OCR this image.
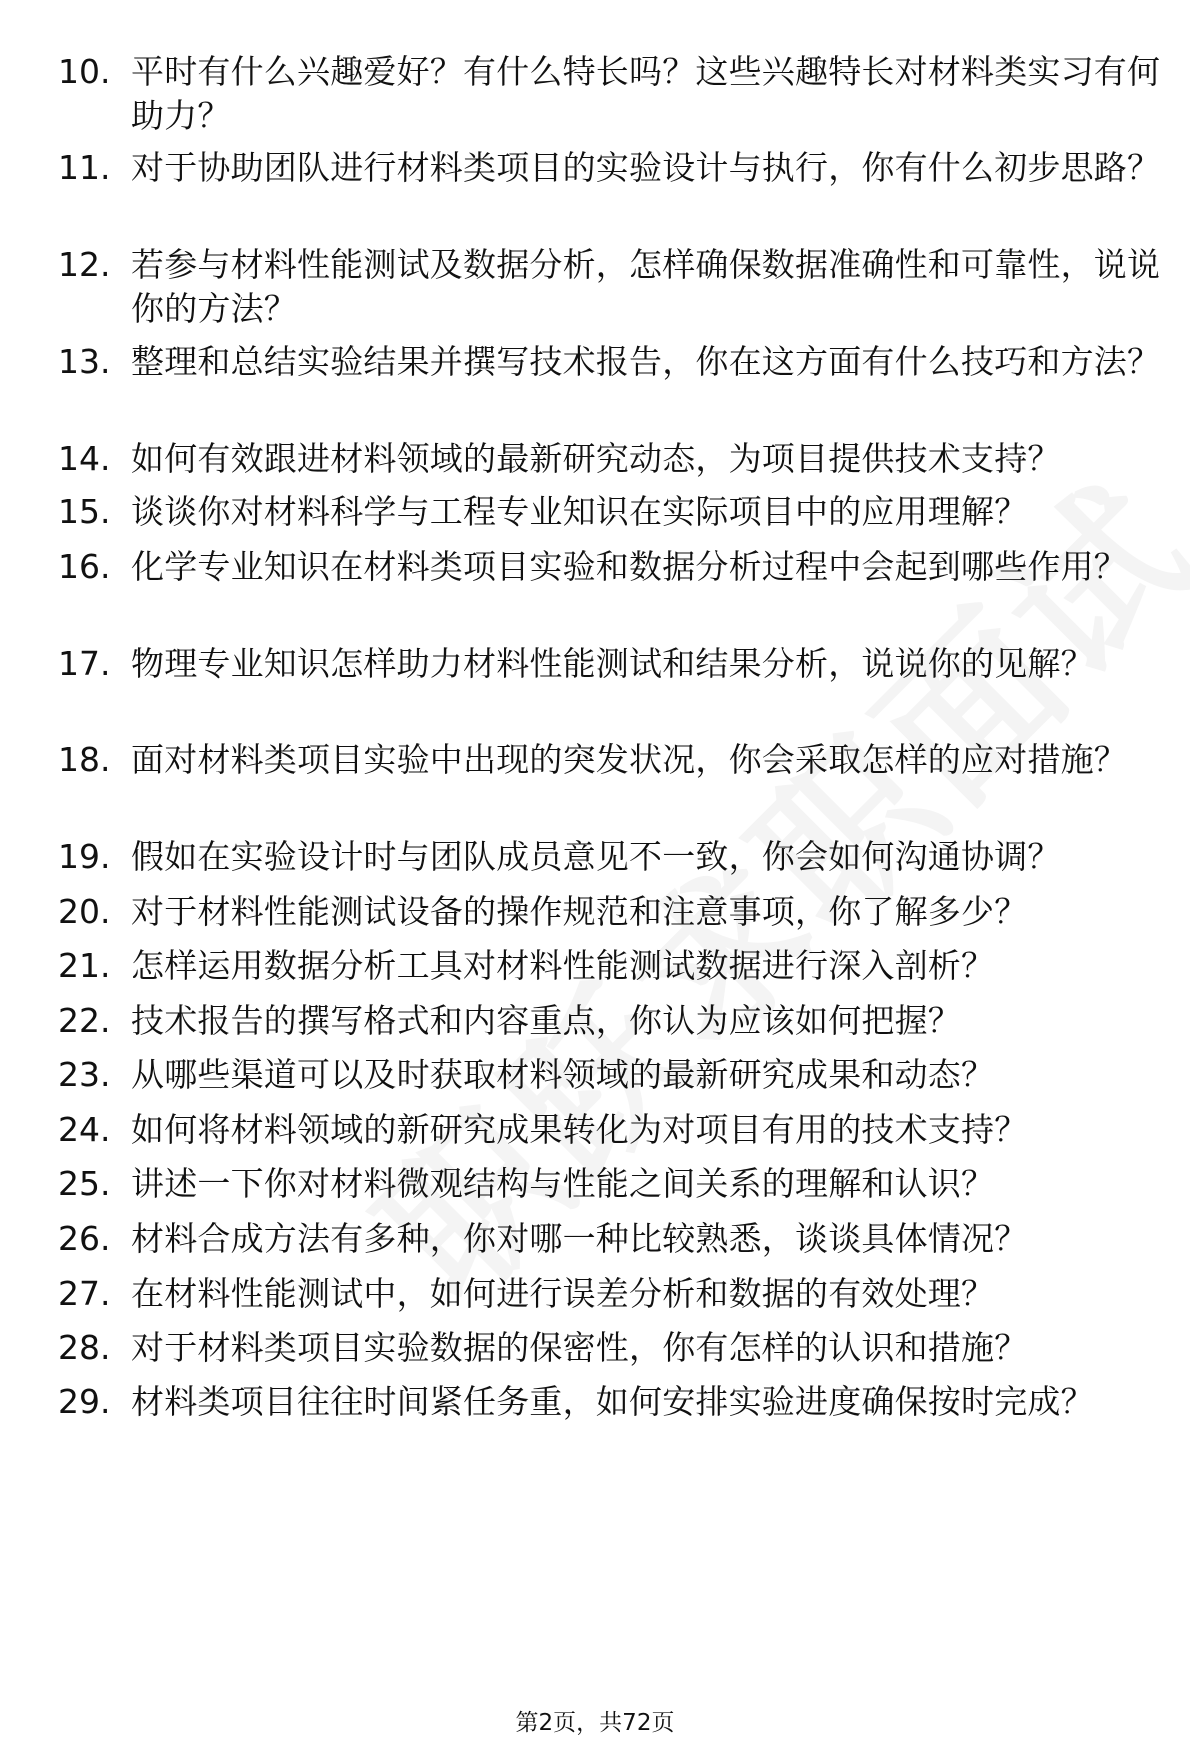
10. 平时有什么兴趣爱好？有什么特长吗？这些兴趣特长对材料类实习有何助力？
11. 对于协助团队进行材料类项目的实验设计与执行，你有什么初步思路？
12. 若参与材料性能测试及数据分析，怎样确保数据准确性和可靠性，说说你的方法？
13. 整理和总结实验结果并撰写技术报告，你在这方面有什么技巧和方法？
14. 如何有效跟进材料领域的最新研究动态，为项目提供技术支持？
15. 谈谈你对材料科学与工程专业知识在实际项目中的应用理解？
16. 化学专业知识在材料类项目实验和数据分析过程中会起到哪些作用？
17. 物理专业知识怎样助力材料性能测试和结果分析，说说你的见解？
18. 面对材料类项目实验中出现的突发状况，你会采取怎样的应对措施？
19. 假如在实验设计时与团队成员意见不一致，你会如何沟通协调？
20. 对于材料性能测试设备的操作规范和注意事项，你了解多少？
21. 怎样运用数据分析工具对材料性能测试数据进行深入剖析？
22. 技术报告的撰写格式和内容重点，你认为应该如何把握？
23. 从哪些渠道可以及时获取材料领域的最新研究成果和动态？
24. 如何将材料领域的新研究成果转化为对项目有用的技术支持？
25. 讲述一下你对材料微观结构与性能之间关系的理解和认识？
26. 材料合成方法有多种，你对哪一种比较熟悉，谈谈具体情况？
27. 在材料性能测试中，如何进行误差分析和数据的有效处理？
28. 对于材料类项目实验数据的保密性，你有怎样的认识和措施？
29. 材料类项目往往时间紧任务重，如何安排实验进度确保按时完成？
第2页，共72页
